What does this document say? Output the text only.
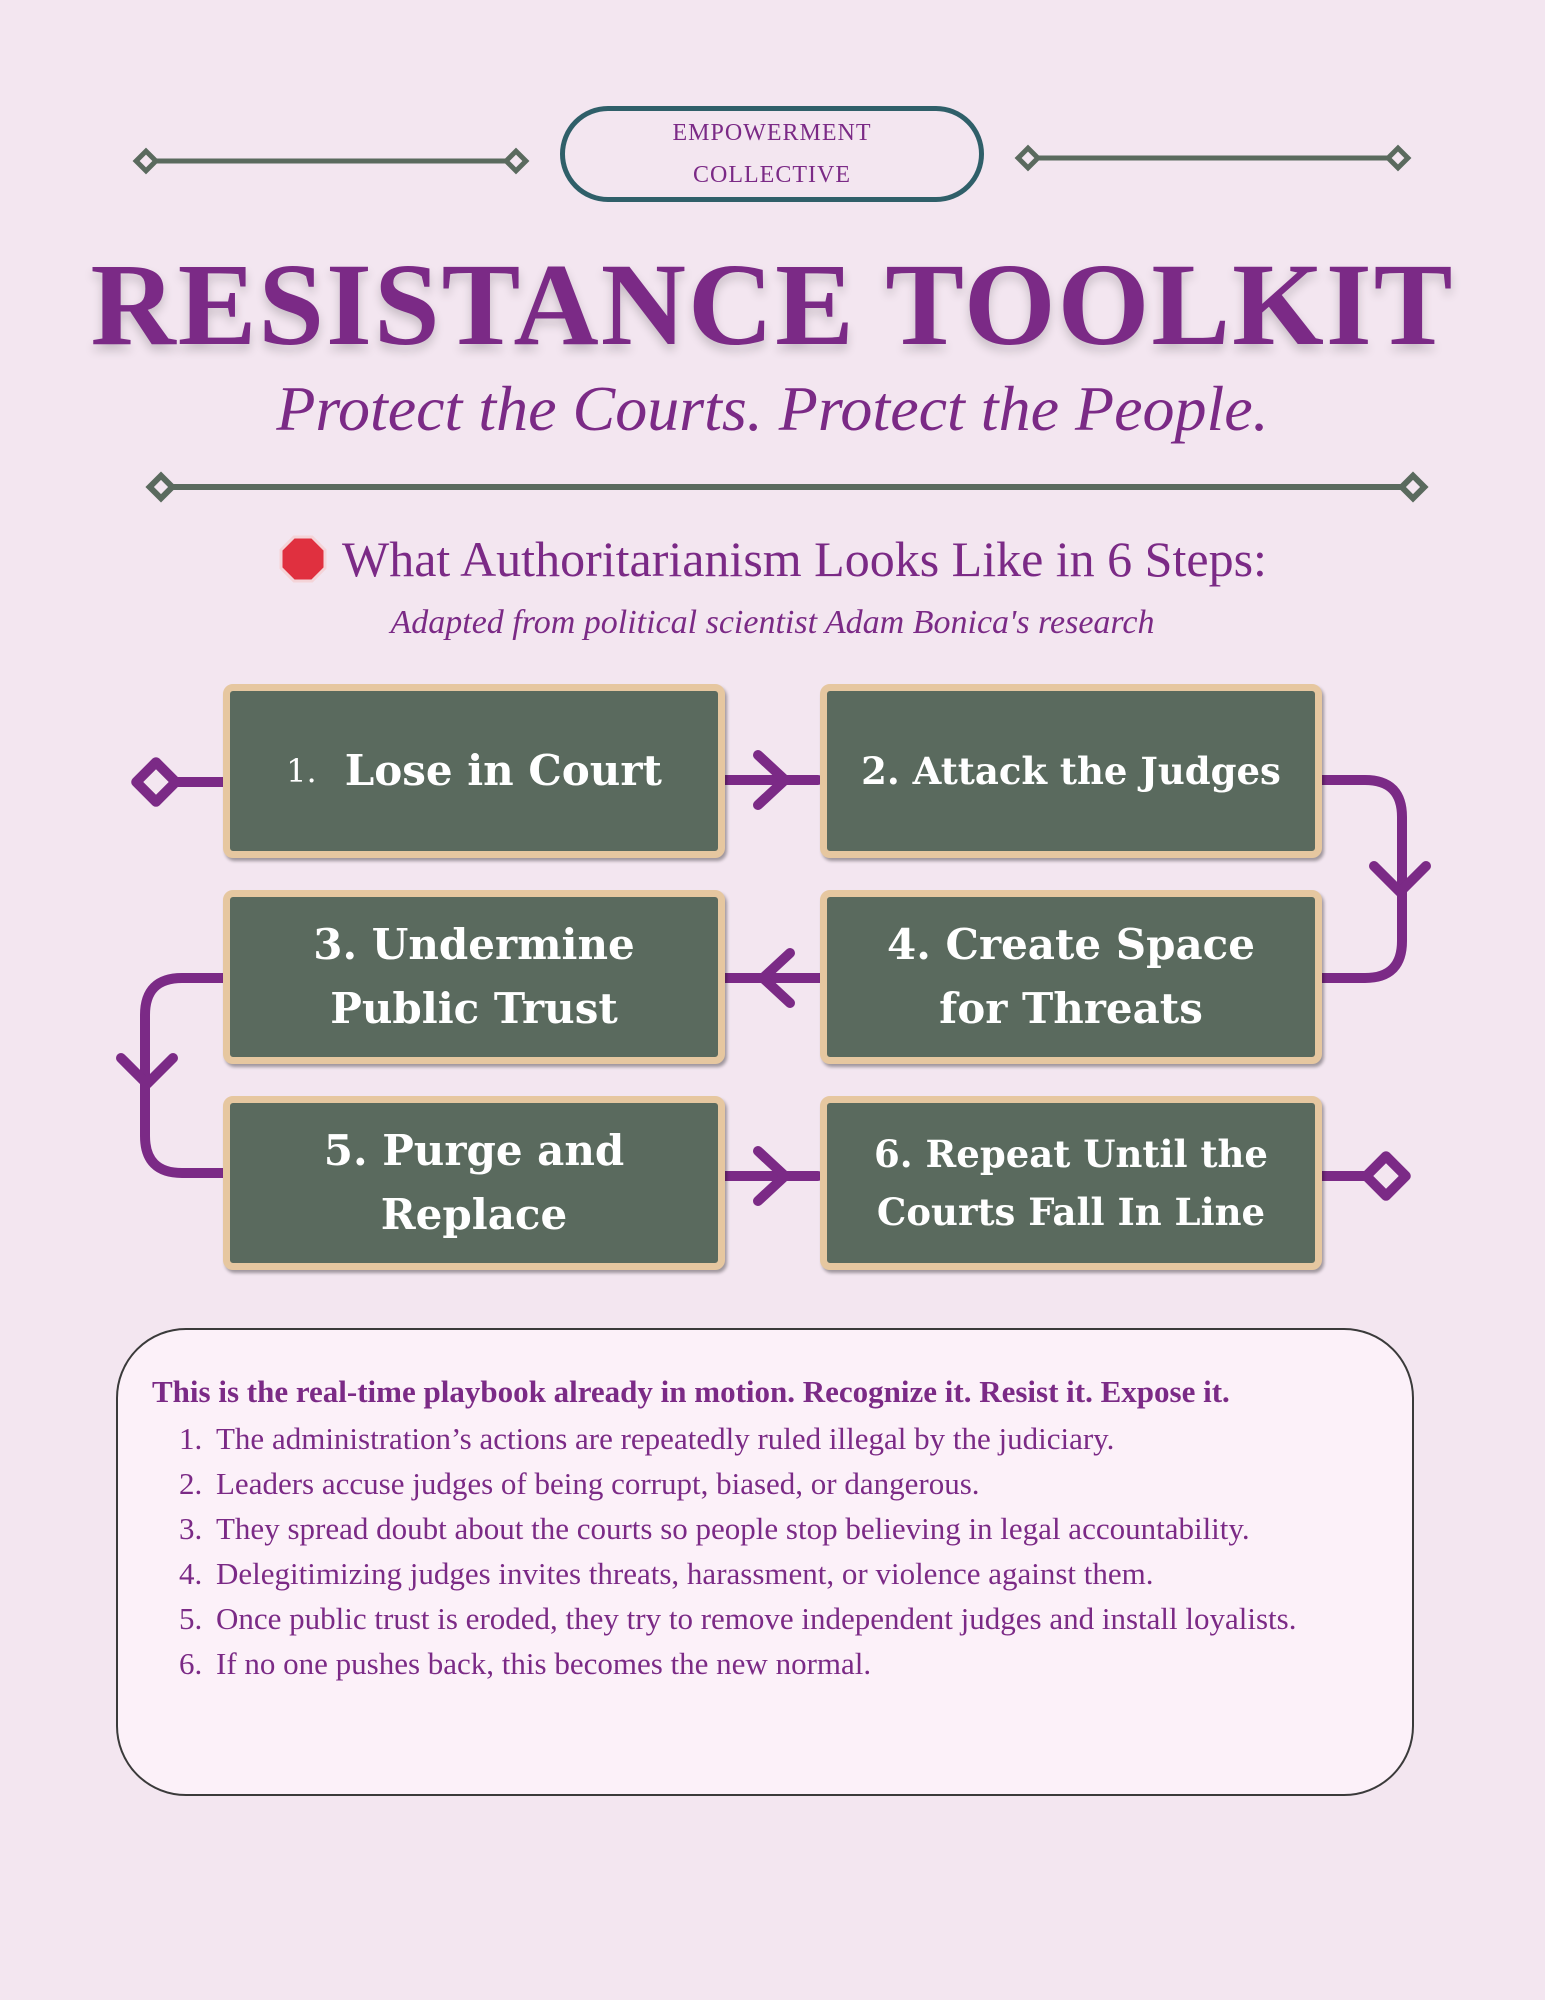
EMPOWERMENT
COLLECTIVE
RESISTANCE TOOLKIT
Protect the Courts. Protect the People.
What Authoritarianism Looks Like in 6 Steps:
Adapted from political scientist Adam Bonica's research
1. Lose in Court	2.
Attack the Judges
3. Undermine Public Trust
4. Create Space for Threats
5. Purge and Replace
6. Repeat Until the Courts Fall In Line

This is the real-time playbook already in motion. Recognize it. Resist it. Expose it.

1. The administration’s actions are repeatedly ruled illegal by the judiciary.
2. Leaders accuse judges of being corrupt, biased, or dangerous.
3. They spread doubt about the courts so people stop believing in legal accountability.
4. Delegitimizing judges invites threats, harassment, or violence against them.
5. Once public trust is eroded, they try to remove independent judges and install loyalists.
6. If no one pushes back, this becomes the new normal.
